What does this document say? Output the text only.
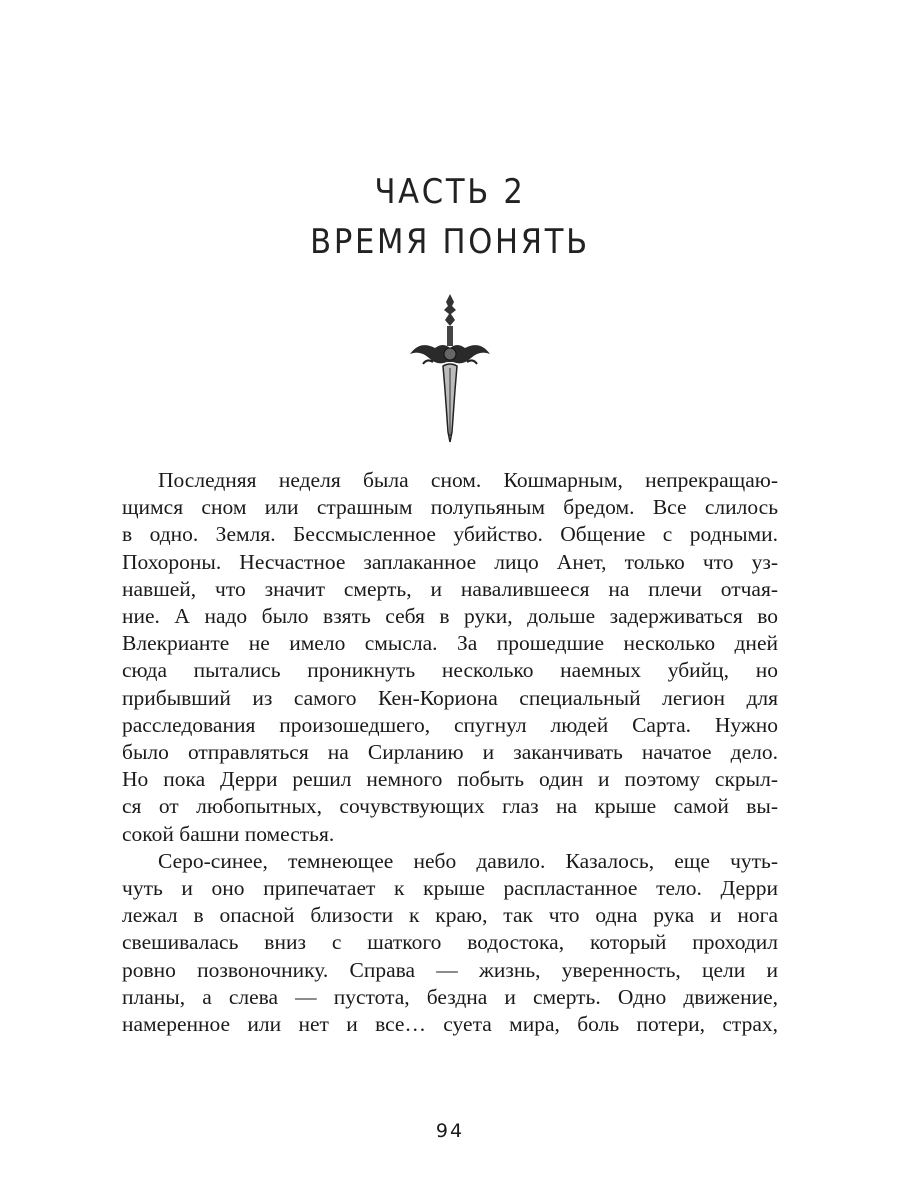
ЧАСТЬ 2
ВРЕМЯ ПОНЯТЬ
Последняя неделя была сном. Кошмарным, непрекращаю-
щимся сном или страшным полупьяным бредом. Все слилось
в одно. Земля. Бессмысленное убийство. Общение с родными.
Похороны. Несчастное заплаканное лицо Анет, только что уз-
навшей, что значит смерть, и навалившееся на плечи отчая-
ние. А надо было взять себя в руки, дольше задерживаться во
Влекрианте не имело смысла. За прошедшие несколько дней
сюда пытались проникнуть несколько наемных убийц, но
прибывший из самого Кен-Кориона специальный легион для
расследования произошедшего, спугнул людей Сарта. Нужно
было отправляться на Сирланию и заканчивать начатое дело.
Но пока Дерри решил немного побыть один и поэтому скрыл-
ся от любопытных, сочувствующих глаз на крыше самой вы-
сокой башни поместья.
Серо-синее, темнеющее небо давило. Казалось, еще чуть-
чуть и оно припечатает к крыше распластанное тело. Дерри
лежал в опасной близости к краю, так что одна рука и нога
свешивалась вниз с шаткого водостока, который проходил
ровно позвоночнику. Справа — жизнь, уверенность, цели и
планы, а слева — пустота, бездна и смерть. Одно движение,
намеренное или нет и все… суета мира, боль потери, страх,
94
